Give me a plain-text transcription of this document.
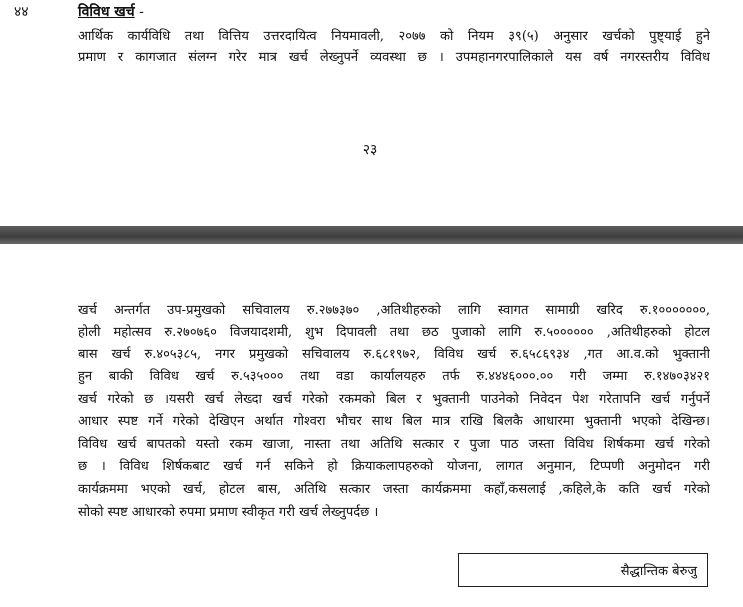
४४	विविध खर्च -

आर्थिक कार्यविधि तथा वित्तिय उत्तरदायित्व नियमावली, २०७७ को नियम ३९(५) अनुसार खर्चको पुष्ट्याई हुने

प्रमाण र कागजात संलग्न गरेर मात्र खर्च लेख्नुपर्ने व्यवस्था छ । उपमहानगरपालिकाले यस वर्ष नगरस्तरीय विविध

२३

खर्च अन्तर्गत उप-प्रमुखको सचिवालय रु.२७७३७० ,अतिथीहरुको लागि स्वागत सामाग्री खरिद रु.१०००००००,

होली महोत्सव रु.२७०७६० विजयादशमी, शुभ दिपावली तथा छठ पुजाको लागि रु.५०००००० ,अतिथीहरुको होटल

बास खर्च रु.४०५३८५, नगर प्रमुखको सचिवालय रु.६८१९७२, विविध खर्च रु.६५८६९३४ ,गत आ.व.को भुक्तानी

हुन बाकी विविध खर्च रु.५३५००० तथा वडा कार्यालयहरु तर्फ रु.४४४६०००.०० गरी जम्मा रु.१४७०३४२१

खर्च गरेको छ ।यसरी खर्च लेख्दा खर्च गरेको रकमको बिल र भुक्तानी पाउनेको निवेदन पेश गरेतापनि खर्च गर्नुपर्ने

आधार स्पष्ट गर्ने गरेको देखिएन अर्थात गोश्वरा भौचर साथ बिल मात्र राखि बिलकै आधारमा भुक्तानी भएको देखिन्छ।

विविध खर्च बापतको यस्तो रकम खाजा, नास्ता तथा अतिथि सत्कार र पुजा पाठ जस्ता विविध शिर्षकमा खर्च गरेको

छ । विविध शिर्षकबाट खर्च गर्न सकिने हो क्रियाकलापहरुको योजना, लागत अनुमान, टिप्पणी अनुमोदन गरी

कार्यक्रममा भएको खर्च, होटल बास, अतिथि सत्कार जस्ता कार्यक्रममा कहाँ,कसलाई ,कहिले,के कति खर्च गरेको

सोको स्पष्ट आधारको रुपमा प्रमाण स्वीकृत गरी खर्च लेख्नुपर्दछ ।

सैद्धान्तिक बेरुजु
